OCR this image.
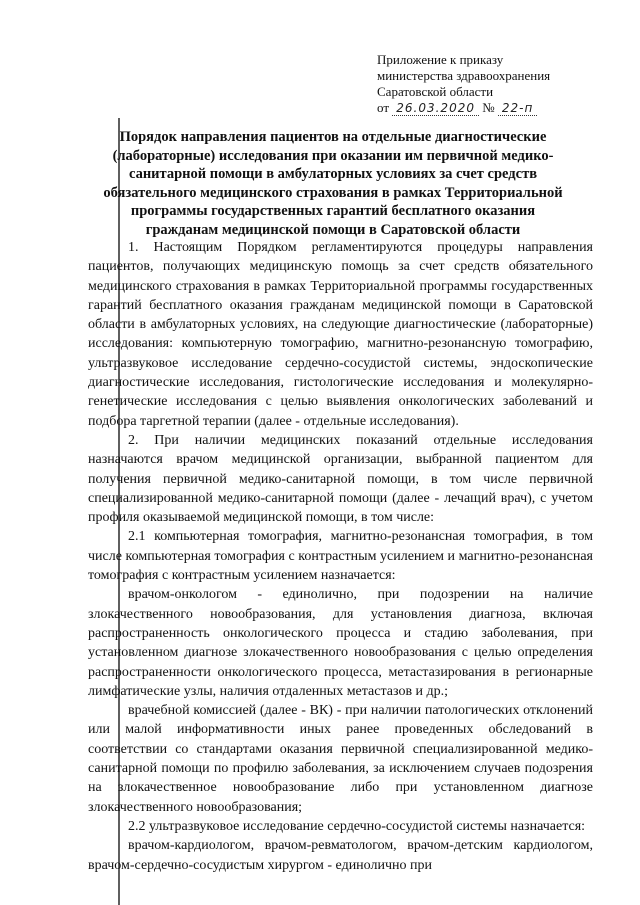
Приложение к приказу
министерства здравоохранения
Саратовской области
от 26.03.2020 № 22-п
Порядок направления пациентов на отдельные диагностические
(лабораторные) исследования при оказании им первичной медико-
санитарной помощи в амбулаторных условиях за счет средств
обязательного медицинского страхования в рамках Территориальной
программы государственных гарантий бесплатного оказания
гражданам медицинской помощи в Саратовской области

1. Настоящим Порядком регламентируются процедуры направления пациентов, получающих медицинскую помощь за счет средств обязательного медицинского страхования в рамках Территориальной программы государственных гарантий бесплатного оказания гражданам медицинской помощи в Саратовской области в амбулаторных условиях, на следующие диагностические (лабораторные) исследования: компьютерную томографию, магнитно-резонансную томографию, ультразвуковое исследование сердечно-сосудистой системы, эндоскопические диагностические исследования, гистологические исследования и молекулярно-генетические исследования с целью выявления онкологических заболеваний и подбора таргетной терапии (далее - отдельные исследования).

2. При наличии медицинских показаний отдельные исследования назначаются врачом медицинской организации, выбранной пациентом для получения первичной медико-санитарной помощи, в том числе первичной специализированной медико-санитарной помощи (далее - лечащий врач), с учетом профиля оказываемой медицинской помощи, в том числе:

2.1 компьютерная томография, магнитно-резонансная томография, в том числе компьютерная томография с контрастным усилением и магнитно-резонансная томография с контрастным усилением назначается:

врачом-онкологом - единолично, при подозрении на наличие злокачественного новообразования, для установления диагноза, включая распространенность онкологического процесса и стадию заболевания, при установленном диагнозе злокачественного новообразования с целью определения распространенности онкологического процесса, метастазирования в регионарные лимфатические узлы, наличия отдаленных метастазов и др.;

врачебной комиссией (далее - ВК) - при наличии патологических отклонений или малой информативности иных ранее проведенных обследований в соответствии со стандартами оказания первичной специализированной медико-санитарной помощи по профилю заболевания, за исключением случаев подозрения на злокачественное новообразование либо при установленном диагнозе злокачественного новообразования;

2.2 ультразвуковое исследование сердечно-сосудистой системы назначается:

врачом-кардиологом, врачом-ревматологом, врачом-детским кардиологом, врачом-сердечно-сосудистым хирургом - единолично при
